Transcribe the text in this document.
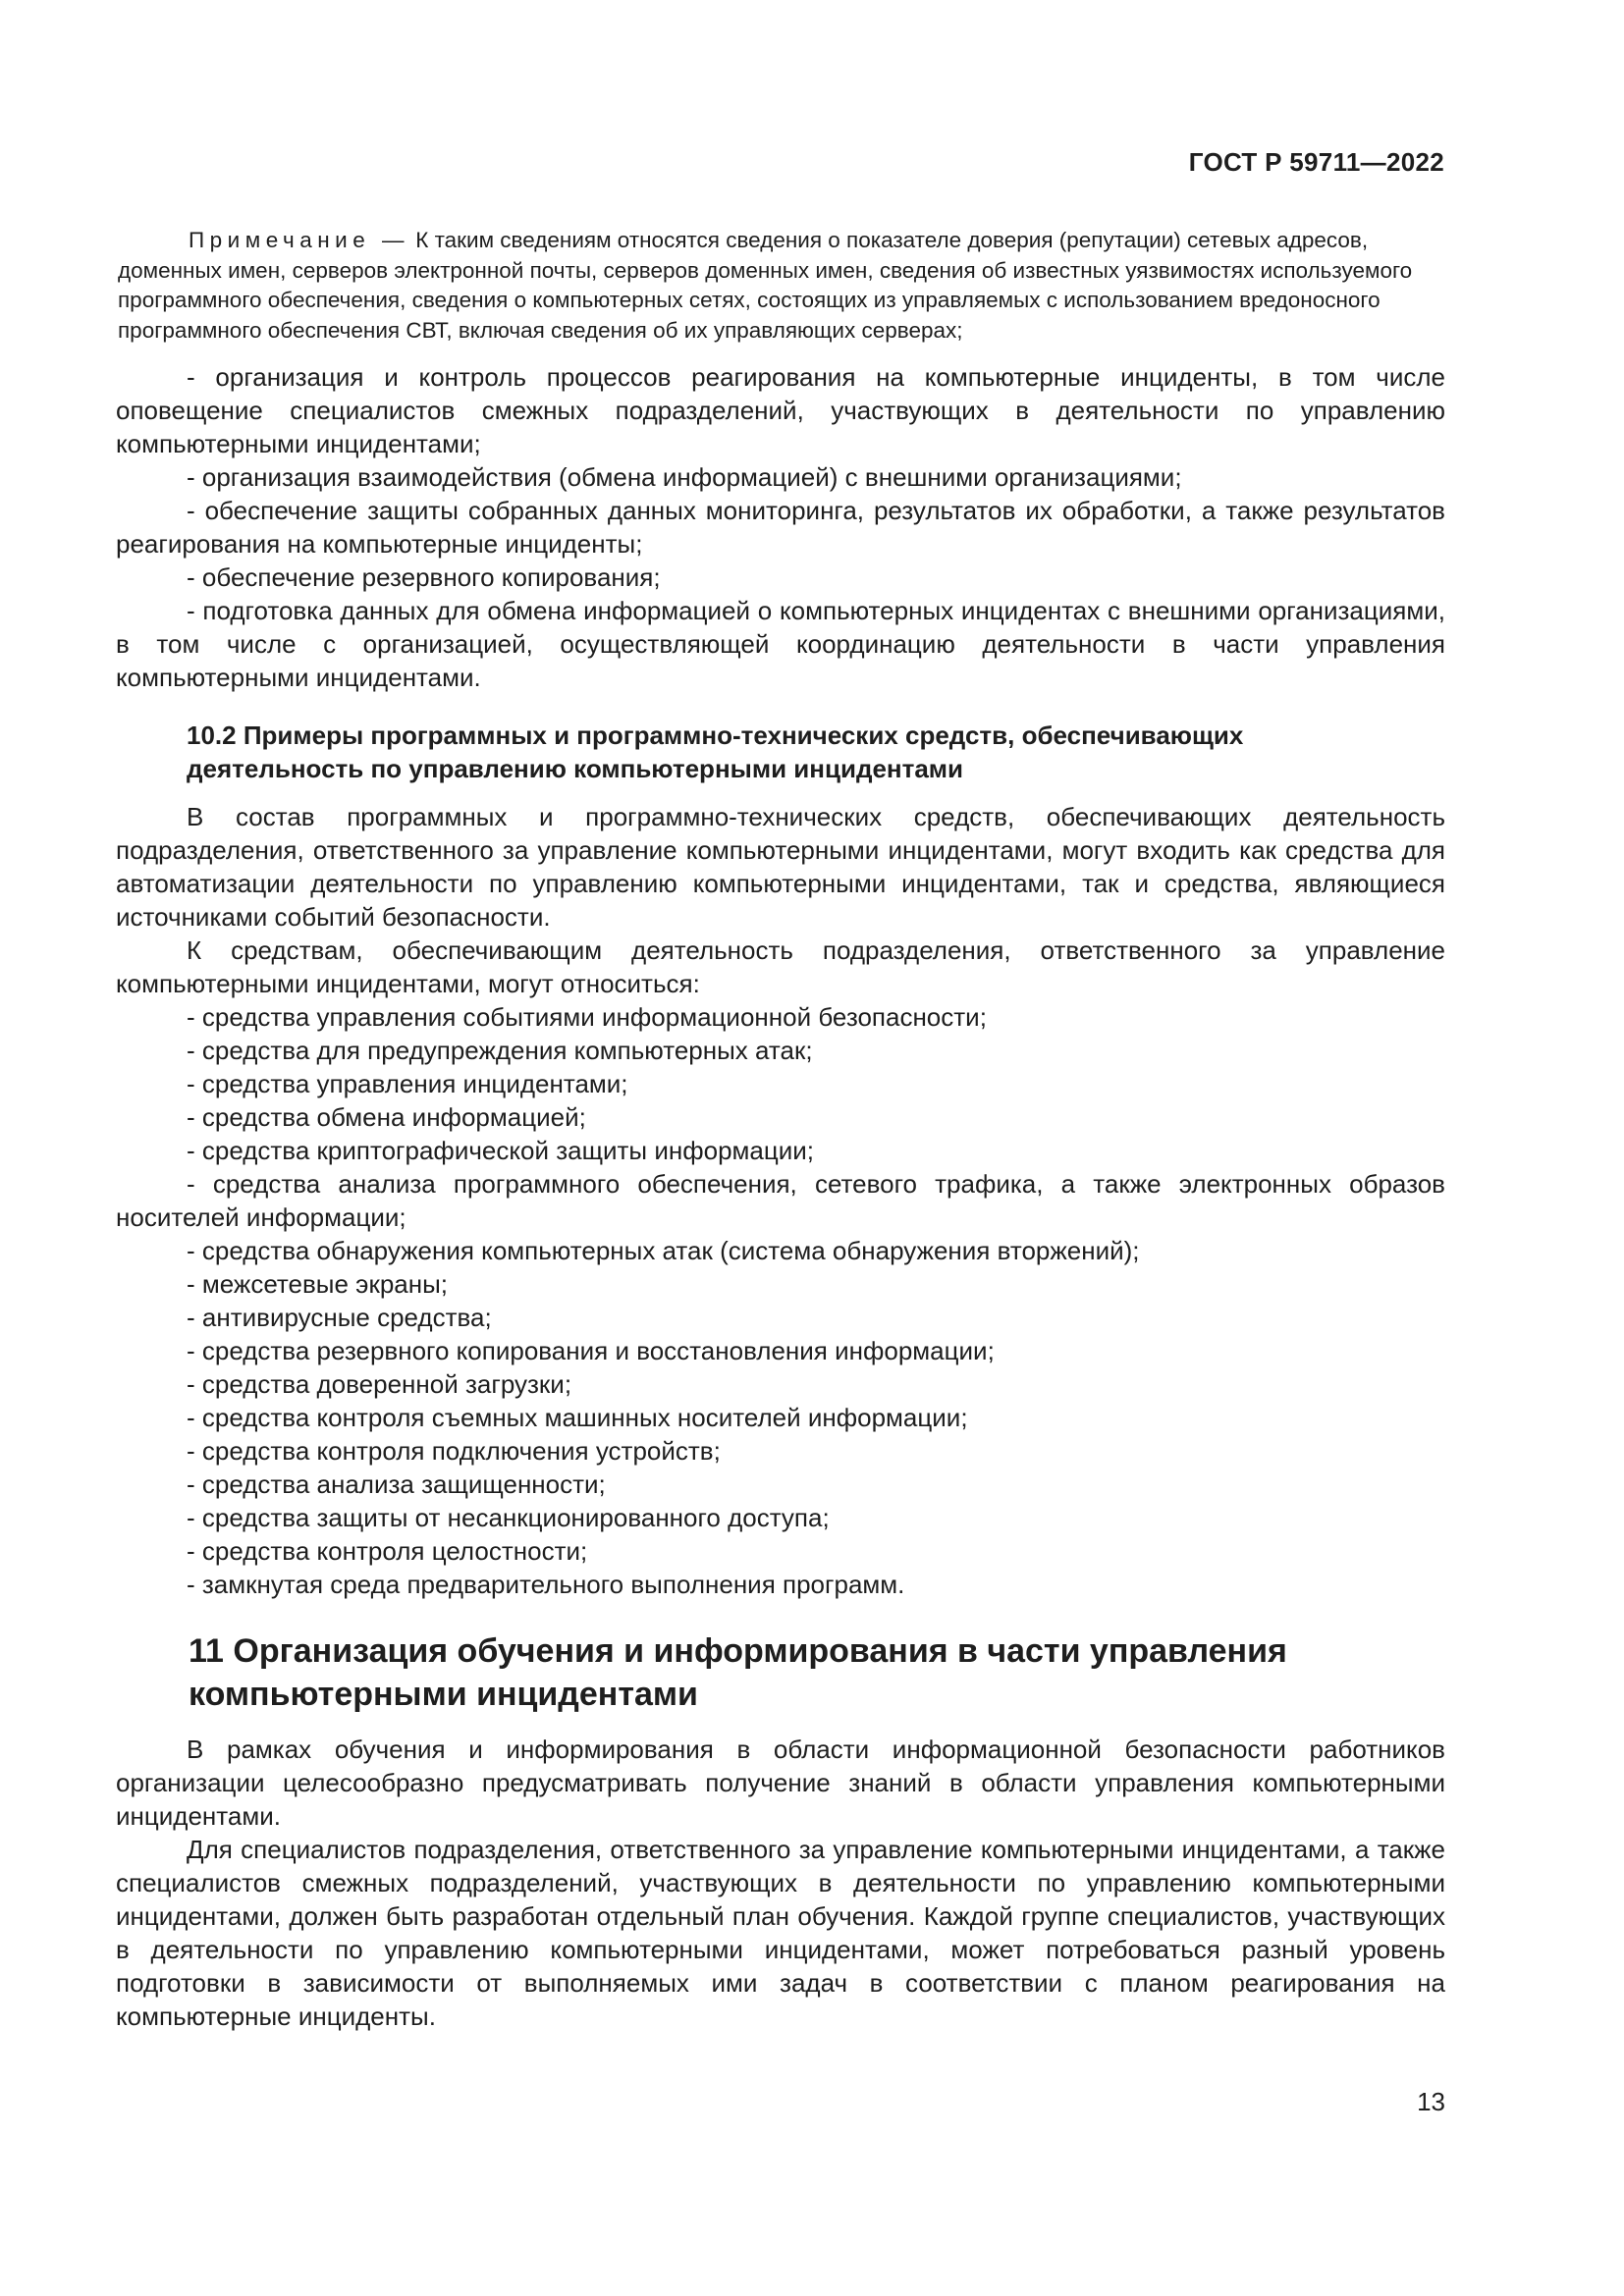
ГОСТ Р 59711—2022
Примечание — К таким сведениям относятся сведения о показателе доверия (репутации) сетевых адресов, доменных имен, серверов электронной почты, серверов доменных имен, сведения об известных уязвимостях используемого программного обеспечения, сведения о компьютерных сетях, состоящих из управляемых с использованием вредоносного программного обеспечения СВТ, включая сведения об их управляющих серверах;

- организация и контроль процессов реагирования на компьютерные инциденты, в том числе оповещение специалистов смежных подразделений, участвующих в деятельности по управлению компьютерными инцидентами;

- организация взаимодействия (обмена информацией) с внешними организациями;

- обеспечение защиты собранных данных мониторинга, результатов их обработки, а также результатов реагирования на компьютерные инциденты;

- обеспечение резервного копирования;

- подготовка данных для обмена информацией о компьютерных инцидентах с внешними организациями, в том числе с организацией, осуществляющей координацию деятельности в части управления компьютерными инцидентами.

10.2 Примеры программных и программно-технических средств, обеспечивающих
деятельность по управлению компьютерными инцидентами

В состав программных и программно-технических средств, обеспечивающих деятельность подразделения, ответственного за управление компьютерными инцидентами, могут входить как средства для автоматизации деятельности по управлению компьютерными инцидентами, так и средства, являющиеся источниками событий безопасности.

К средствам, обеспечивающим деятельность подразделения, ответственного за управление компьютерными инцидентами, могут относиться:

- средства управления событиями информационной безопасности;

- средства для предупреждения компьютерных атак;

- средства управления инцидентами;

- средства обмена информацией;

- средства криптографической защиты информации;

- средства анализа программного обеспечения, сетевого трафика, а также электронных образов носителей информации;

- средства обнаружения компьютерных атак (система обнаружения вторжений);

- межсетевые экраны;

- антивирусные средства;

- средства резервного копирования и восстановления информации;

- средства доверенной загрузки;

- средства контроля съемных машинных носителей информации;

- средства контроля подключения устройств;

- средства анализа защищенности;

- средства защиты от несанкционированного доступа;

- средства контроля целостности;

- замкнутая среда предварительного выполнения программ.

11 Организация обучения и информирования в части управления
компьютерными инцидентами

В рамках обучения и информирования в области информационной безопасности работников организации целесообразно предусматривать получение знаний в области управления компьютерными инцидентами.

Для специалистов подразделения, ответственного за управление компьютерными инцидентами, а также специалистов смежных подразделений, участвующих в деятельности по управлению компьютерными инцидентами, должен быть разработан отдельный план обучения. Каждой группе специалистов, участвующих в деятельности по управлению компьютерными инцидентами, может потребоваться разный уровень подготовки в зависимости от выполняемых ими задач в соответствии с планом реагирования на компьютерные инциденты.

13
